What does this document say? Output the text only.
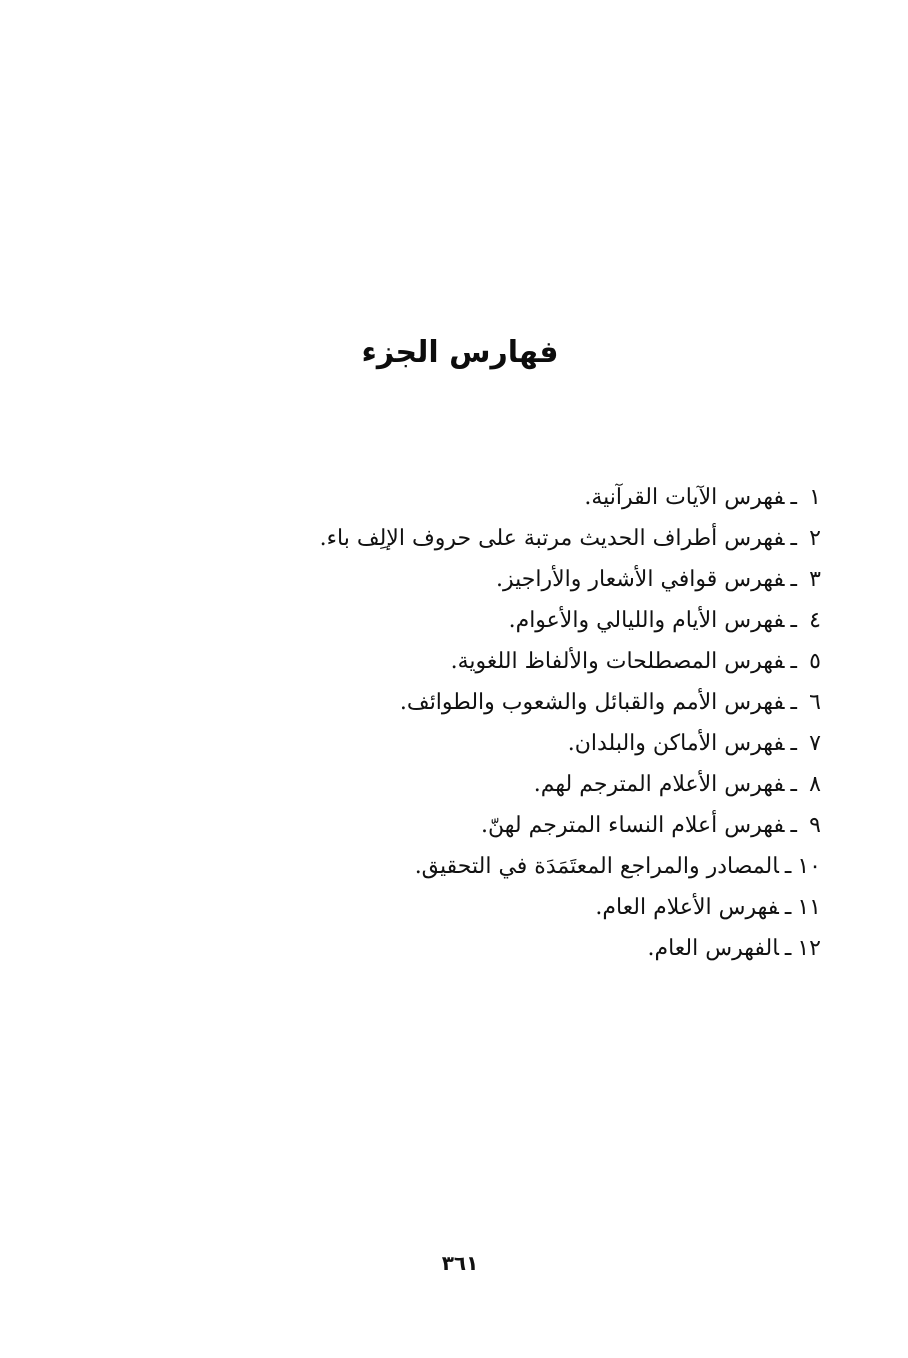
فهارس الجزء
١ـفهرس الآيات القرآنية.
٢ـفهرس أطراف الحديث مرتبة على حروف الإلِف باء.
٣ـفهرس قوافي الأشعار والأراجيز.
٤ـفهرس الأيام والليالي والأعوام.
٥ـفهرس المصطلحات والألفاظ اللغوية.
٦ـفهرس الأمم والقبائل والشعوب والطوائف.
٧ـفهرس الأماكن والبلدان.
٨ـفهرس الأعلام المترجم لهم.
٩ـفهرس أعلام النساء المترجم لهنّ.
١٠ـالمصادر والمراجع المعتَمَدَة في التحقيق.
١١ـفهرس الأعلام العام.
١٢ـالفهرس العام.
٣٦١
